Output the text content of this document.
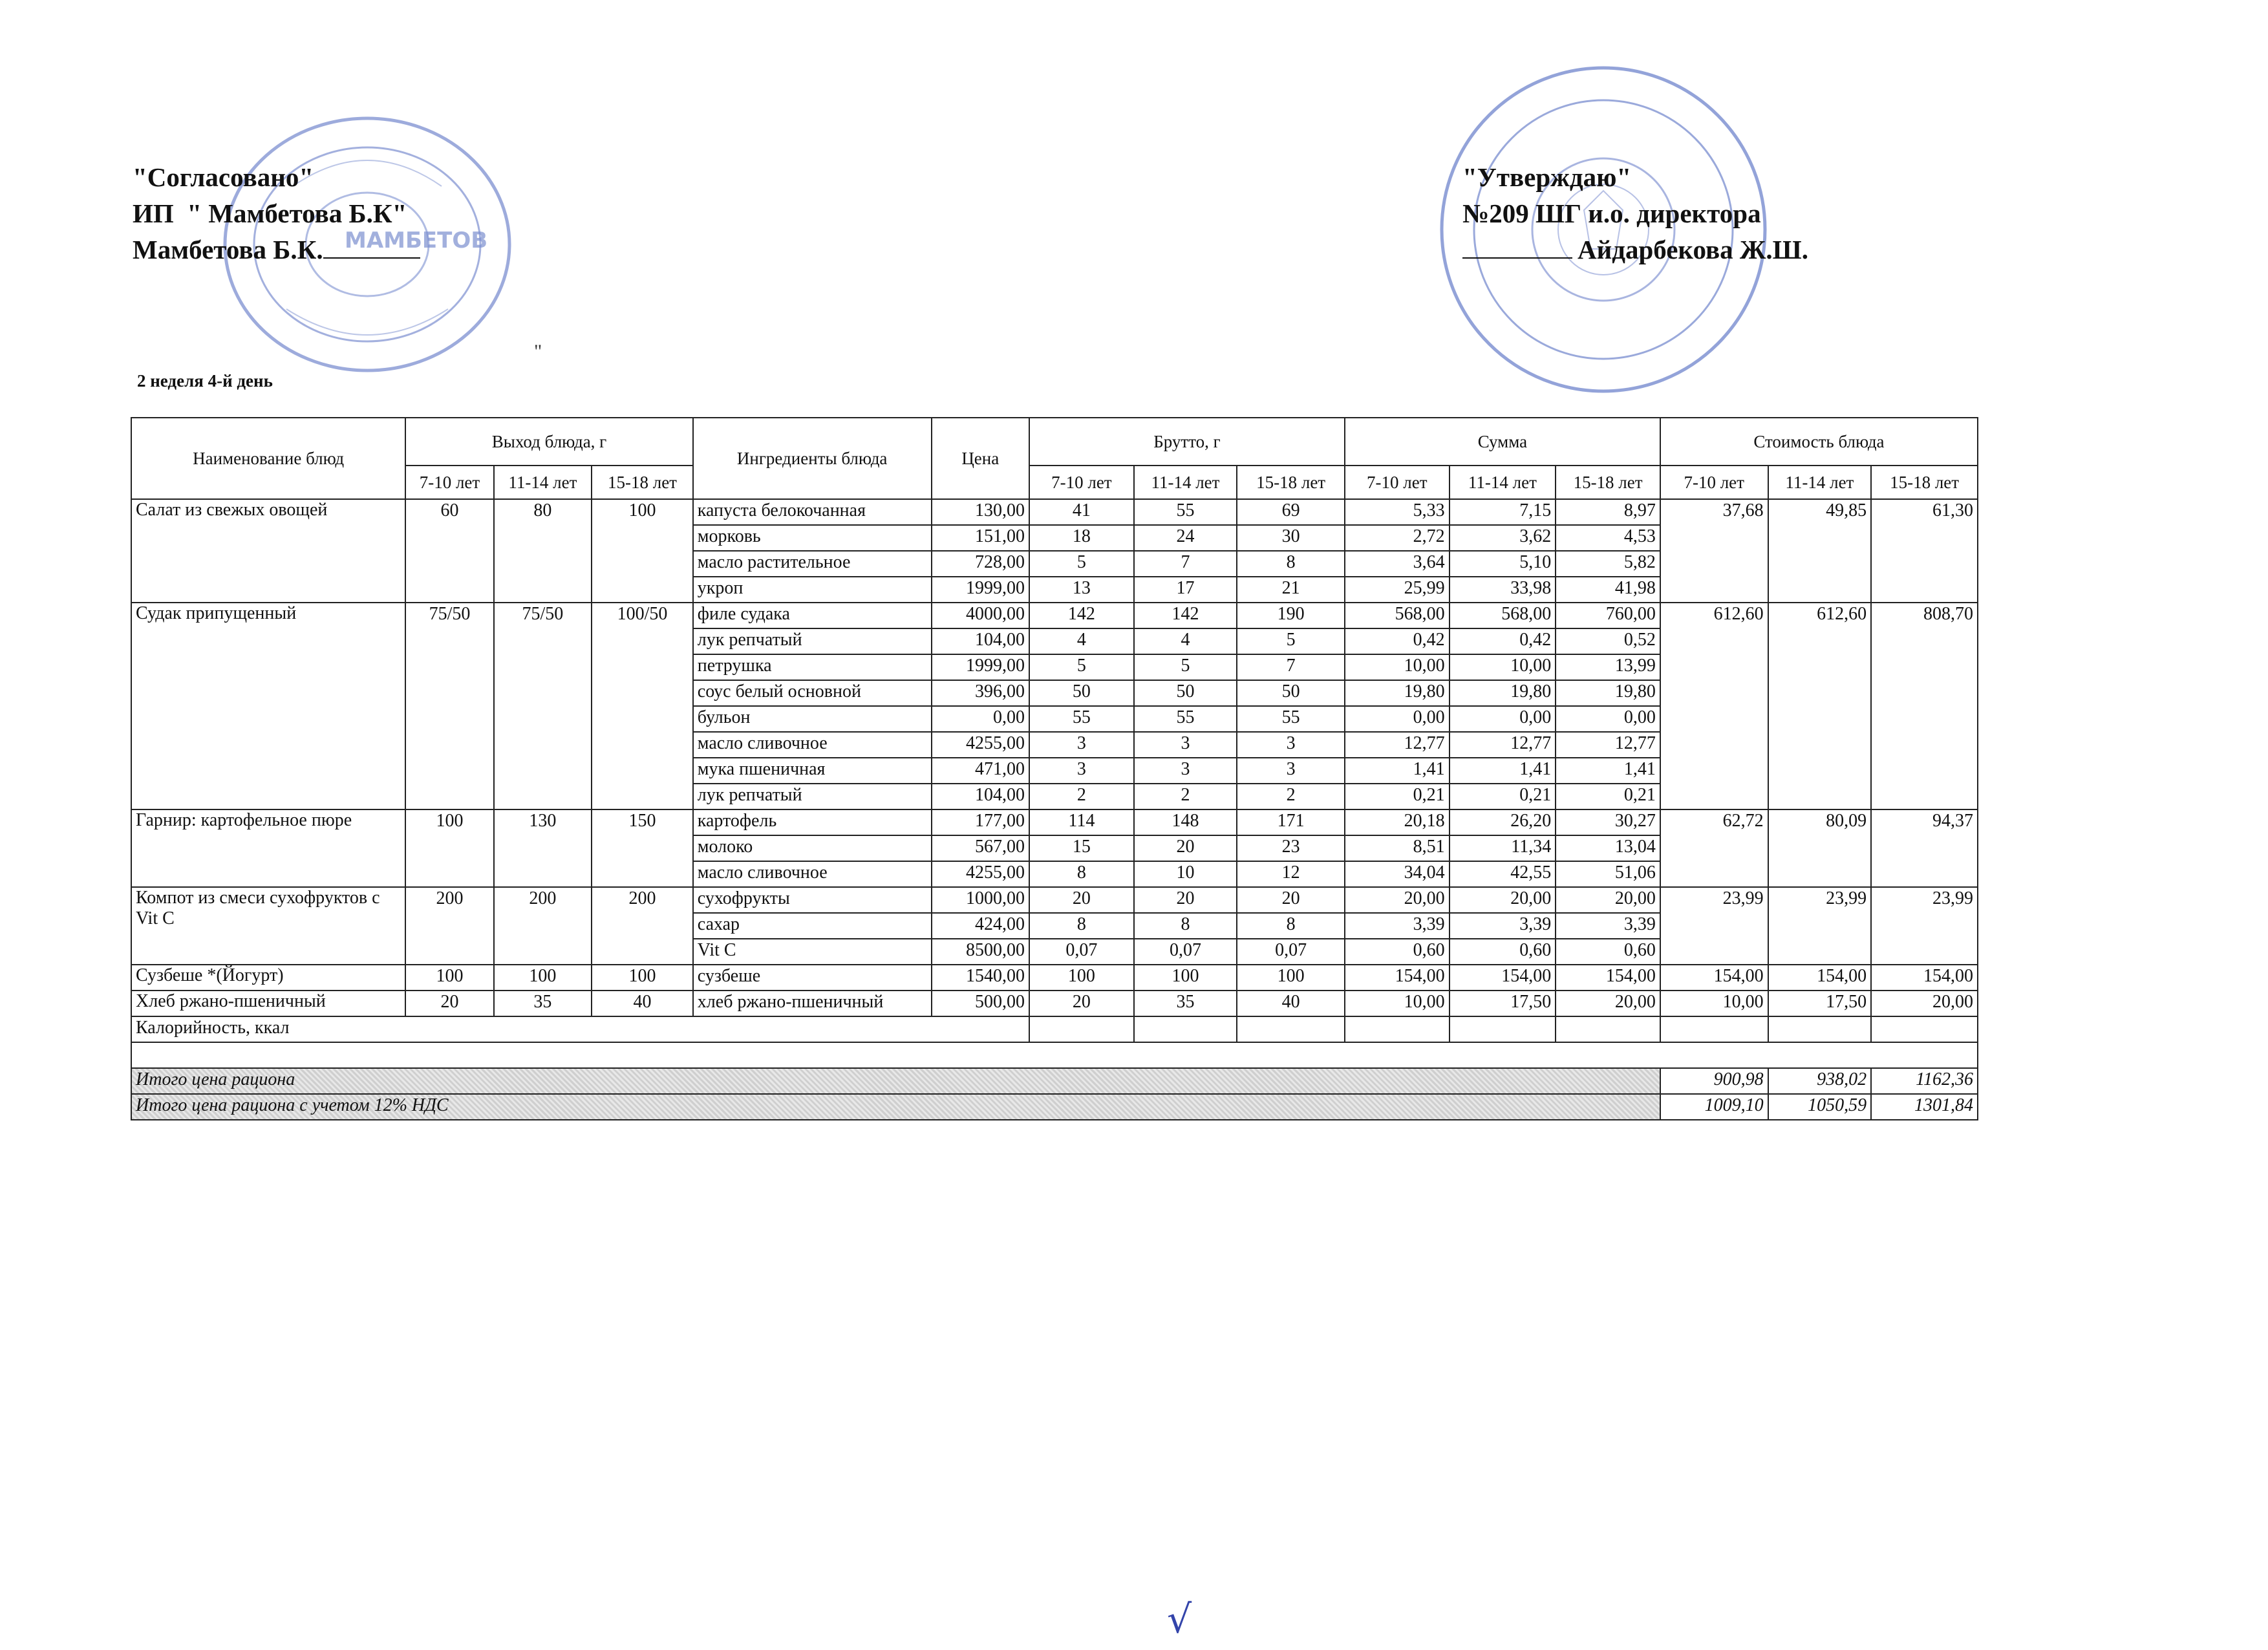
МАМБЕТОВ
"Согласовано"
ИП  " Мамбетова Б.К"
Мамбетова Б.К.
"Утверждаю"
№209 ШГ и.о. директора
Айдарбекова Ж.Ш.
"
2 неделя 4-й день
Наименование блюд	Выход блюда, г			Ингредиенты блюда	Цена	Брутто, г			Сумма			Стоимость блюда		
	7-10 лет	11-14 лет	15-18 лет			7-10 лет	11-14 лет	15-18 лет	7-10 лет	11-14 лет	15-18 лет	7-10 лет	11-14 лет	15-18 лет
Салат из свежых овощей	60	80	100	капуста белокочанная	130,00	41	55	69	5,33	7,15	8,97	37,68	49,85	61,30
				морковь	151,00	18	24	30	2,72	3,62	4,53			
				масло растительное	728,00	5	7	8	3,64	5,10	5,82			
				укроп	1999,00	13	17	21	25,99	33,98	41,98			
Судак припущенный	75/50	75/50	100/50	филе судака	4000,00	142	142	190	568,00	568,00	760,00	612,60	612,60	808,70
				лук репчатый	104,00	4	4	5	0,42	0,42	0,52			
				петрушка	1999,00	5	5	7	10,00	10,00	13,99			
				соус белый основной	396,00	50	50	50	19,80	19,80	19,80			
				бульон	0,00	55	55	55	0,00	0,00	0,00			
				масло сливочное	4255,00	3	3	3	12,77	12,77	12,77			
				мука пшеничная	471,00	3	3	3	1,41	1,41	1,41			
				лук репчатый	104,00	2	2	2	0,21	0,21	0,21			
Гарнир: картофельное пюре	100	130	150	картофель	177,00	114	148	171	20,18	26,20	30,27	62,72	80,09	94,37
				молоко	567,00	15	20	23	8,51	11,34	13,04			
				масло сливочное	4255,00	8	10	12	34,04	42,55	51,06			
Компот из смеси сухофруктов с Vit C	200	200	200	сухофрукты	1000,00	20	20	20	20,00	20,00	20,00	23,99	23,99	23,99
				сахар	424,00	8	8	8	3,39	3,39	3,39			
				Vit C	8500,00	0,07	0,07	0,07	0,60	0,60	0,60			
Сузбеше *(Йогурт)	100	100	100	сузбеше	1540,00	100	100	100	154,00	154,00	154,00	154,00	154,00	154,00
Хлеб ржано-пшеничный	20	35	40	хлеб ржано-пшеничный	500,00	20	35	40	10,00	17,50	20,00	10,00	17,50	20,00
Калорийность, ккал														

Итого цена рациона												900,98	938,02	1162,36
Итого цена рациона с учетом 12% НДС												1009,10	1050,59	1301,84
√
